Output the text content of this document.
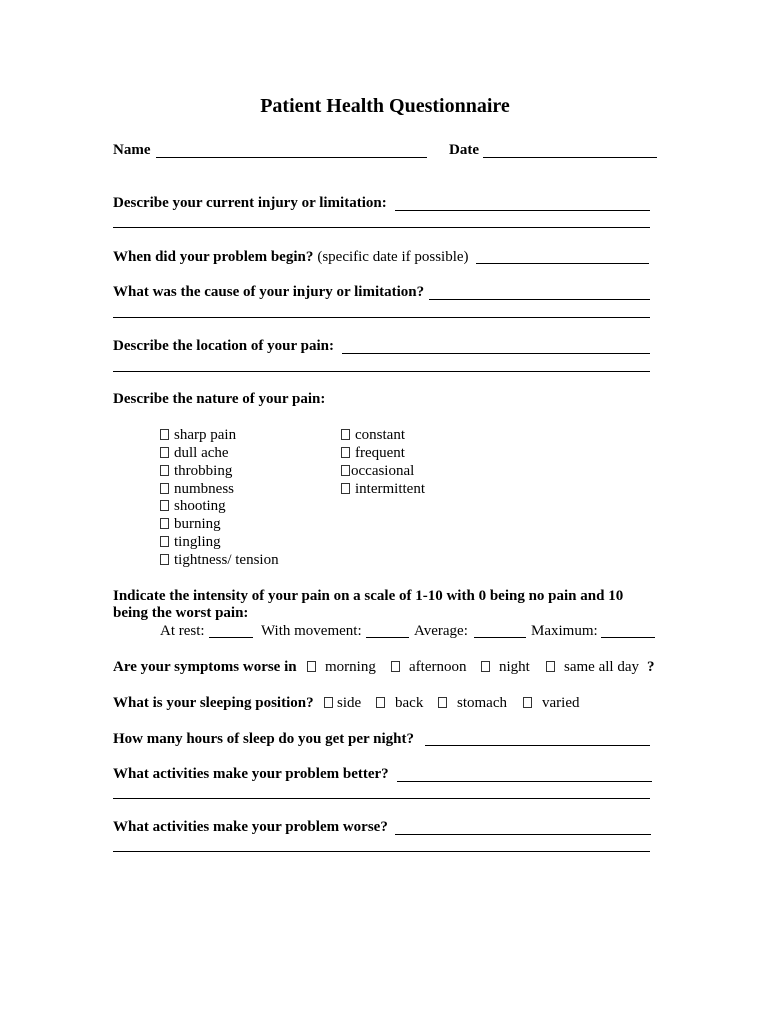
Patient Health Questionnaire
Name	Date
Describe your current injury or limitation:
When did your problem begin? (specific date if possible)
What was the cause of your injury or limitation?
Describe the location of your pain:
Describe the nature of your pain:
sharp pain
dull ache
throbbing
numbness
shooting
burning
tingling
tightness/ tension
constant
frequent
occasional
intermittent
Indicate the intensity of your pain on a scale of 1-10 with 0 being no pain and 10
being the worst pain:
At rest:	With movement:	Average:	Maximum:
Are your symptoms worse in	morning	afternoon	night	same all day ?
What is your sleeping position?	side	back	stomach	varied
How many hours of sleep do you get per night?
What activities make your problem better?
What activities make your problem worse?
